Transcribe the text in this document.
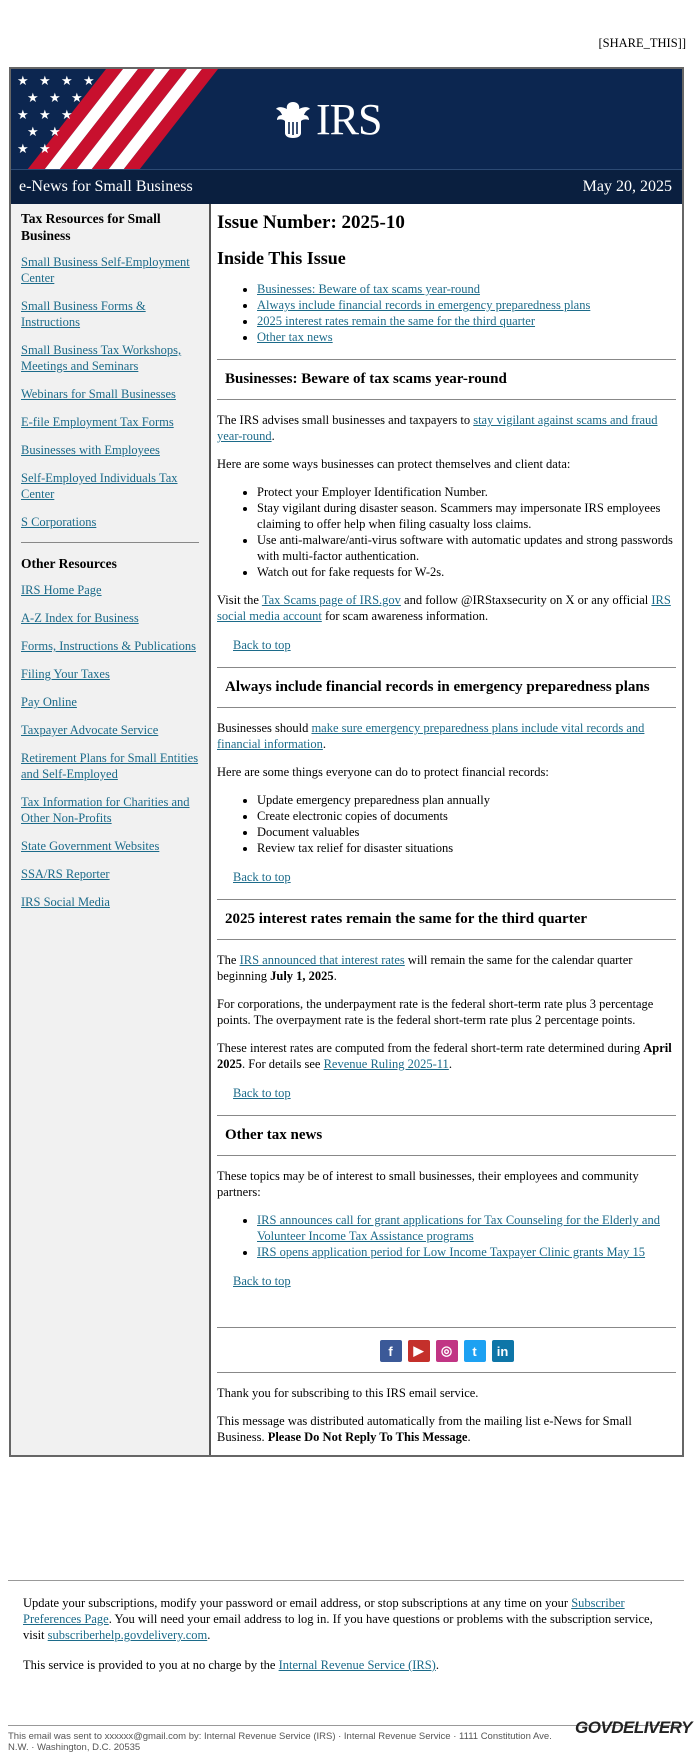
[SHARE_THIS]]
★ ★ ★ ★
★ ★ ★
★ ★ ★
★ ★
★ ★
IRS
e-News for Small Business	May 20, 2025
Tax Resources for Small Business
Small Business Self-Employment Center
Small Business Forms & Instructions
Small Business Tax Workshops, Meetings and Seminars
Webinars for Small Businesses
E-file Employment Tax Forms
Businesses with Employees
Self-Employed Individuals Tax Center
S Corporations
Other Resources
IRS Home Page
A-Z Index for Business
Forms, Instructions & Publications
Filing Your Taxes
Pay Online
Taxpayer Advocate Service
Retirement Plans for Small Entities and Self-Employed
Tax Information for Charities and Other Non-Profits
State Government Websites
SSA/RS Reporter
IRS Social Media
Issue Number: 2025-10
Inside This Issue
• Businesses: Beware of tax scams year-round
• Always include financial records in emergency preparedness plans
• 2025 interest rates remain the same for the third quarter
• Other tax news
Businesses: Beware of tax scams year-round

The IRS advises small businesses and taxpayers to stay vigilant against scams and fraud year-round.

Here are some ways businesses can protect themselves and client data:

• Protect your Employer Identification Number.
• Stay vigilant during disaster season. Scammers may impersonate IRS employees claiming to offer help when filing casualty loss claims.
• Use anti-malware/anti-virus software with automatic updates and strong passwords with multi-factor authentication.
• Watch out for fake requests for W-2s.

Visit the Tax Scams page of IRS.gov and follow @IRStaxsecurity on X or any official IRS social media account for scam awareness information.

Back to top
Always include financial records in emergency preparedness plans

Businesses should make sure emergency preparedness plans include vital records and financial information.

Here are some things everyone can do to protect financial records:

• Update emergency preparedness plan annually
• Create electronic copies of documents
• Document valuables
• Review tax relief for disaster situations
Back to top
2025 interest rates remain the same for the third quarter

The IRS announced that interest rates will remain the same for the calendar quarter beginning July 1, 2025.

For corporations, the underpayment rate is the federal short-term rate plus 3 percentage points. The overpayment rate is the federal short-term rate plus 2 percentage points.

These interest rates are computed from the federal short-term rate determined during April 2025. For details see Revenue Ruling 2025-11.

Back to top
Other tax news

These topics may be of interest to small businesses, their employees and community partners:

• IRS announces call for grant applications for Tax Counseling for the Elderly and Volunteer Income Tax Assistance programs
• IRS opens application period for Low Income Taxpayer Clinic grants May 15
Back to top
f	▶	◎	t	in

Thank you for subscribing to this IRS email service.

This message was distributed automatically from the mailing list e-News for Small Business. Please Do Not Reply To This Message.

Update your subscriptions, modify your password or email address, or stop subscriptions at any time on your Subscriber Preferences Page. You will need your email address to log in. If you have questions or problems with the subscription service, visit subscriberhelp.govdelivery.com.

This service is provided to you at no charge by the Internal Revenue Service (IRS).

This email was sent to xxxxxx@gmail.com by: Internal Revenue Service (IRS) · Internal Revenue Service · 1111 Constitution Ave. N.W. · Washington, D.C. 20535
GOVDELIVERY
